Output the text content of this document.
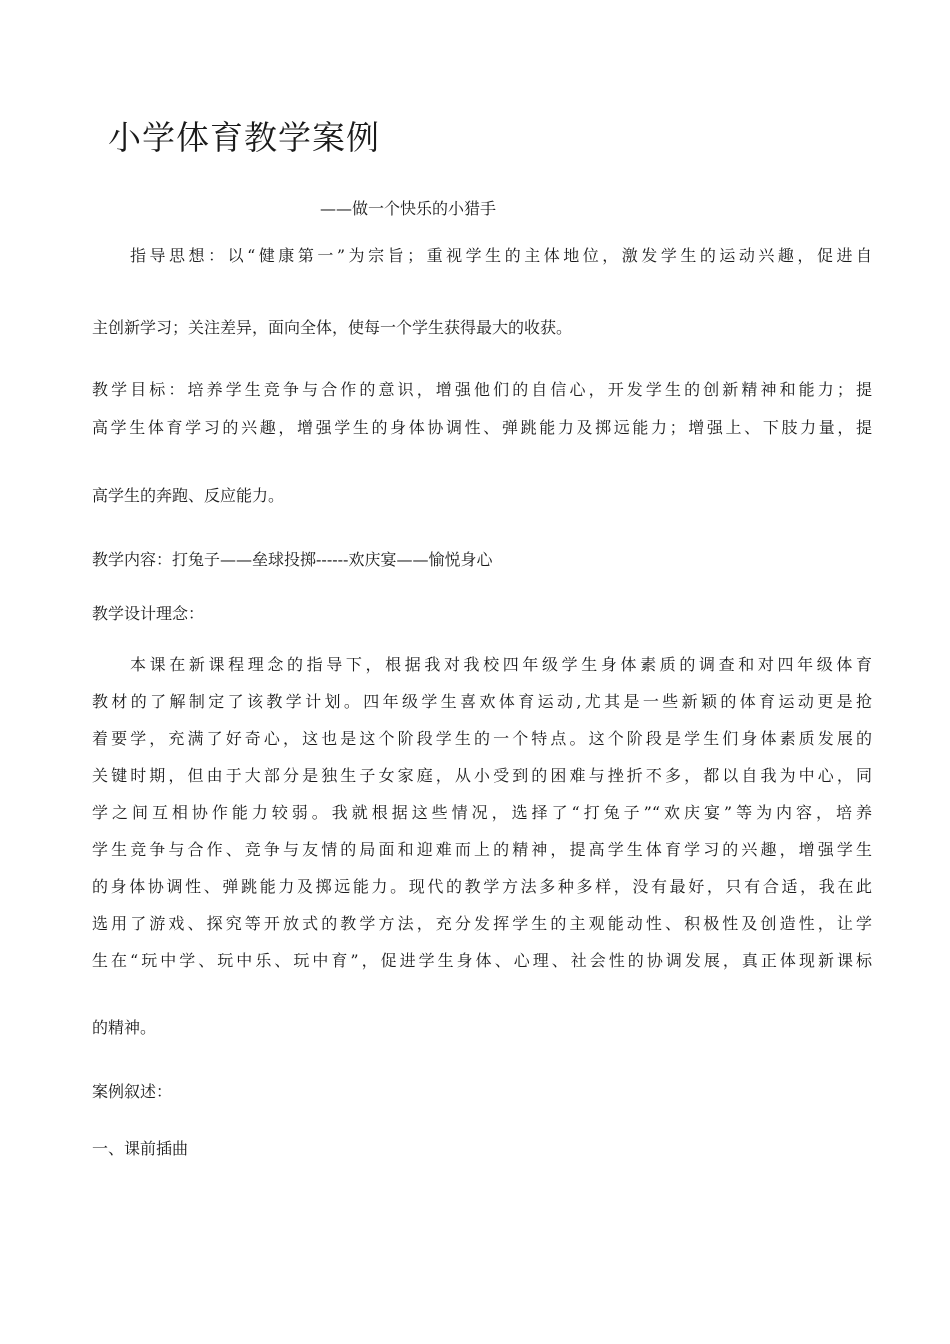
小学体育教学案例
——做一个快乐的小猎手
指导思想：以“健康第一”为宗旨；重视学生的主体地位，激发学生的运动兴趣，促进自
主创新学习；关注差异，面向全体，使每一个学生获得最大的收获。
教学目标：培养学生竞争与合作的意识，增强他们的自信心，开发学生的创新精神和能力；提
高学生体育学习的兴趣，增强学生的身体协调性、弹跳能力及掷远能力；增强上、下肢力量，提
高学生的奔跑、反应能力。
教学内容：打兔子——垒球投掷------欢庆宴——愉悦身心
教学设计理念：
本课在新课程理念的指导下，根据我对我校四年级学生身体素质的调查和对四年级体育
教材的了解制定了该教学计划。四年级学生喜欢体育运动,尤其是一些新颖的体育运动更是抢
着要学，充满了好奇心，这也是这个阶段学生的一个特点。这个阶段是学生们身体素质发展的
关键时期，但由于大部分是独生子女家庭，从小受到的困难与挫折不多，都以自我为中心，同
学之间互相协作能力较弱。我就根据这些情况，选择了“打兔子”“欢庆宴”等为内容，培养
学生竞争与合作、竞争与友情的局面和迎难而上的精神，提高学生体育学习的兴趣，增强学生
的身体协调性、弹跳能力及掷远能力。现代的教学方法多种多样，没有最好，只有合适，我在此
选用了游戏、探究等开放式的教学方法，充分发挥学生的主观能动性、积极性及创造性，让学
生在“玩中学、玩中乐、玩中育”，促进学生身体、心理、社会性的协调发展，真正体现新课标
的精神。
案例叙述：
一、课前插曲
